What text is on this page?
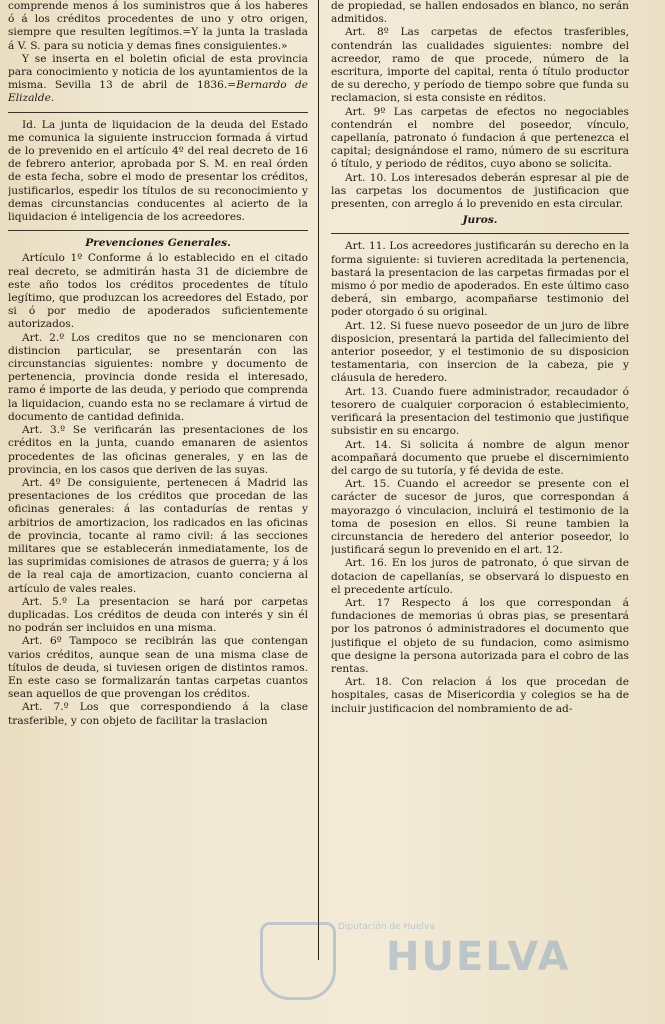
comprende menos á los suministros que á los haberes ó á los créditos procedentes de uno y otro origen, siempre que resulten legítimos.=Y la junta la traslada á V. S. para su noticia y demas fines consiguientes.»

Y se inserta en el boletin oficial de esta provincia para conocimiento y noticia de los ayuntamientos de la misma. Sevilla 13 de abril de 1836.=Bernardo de Elizalde.

Id. La junta de liquidacion de la deuda del Estado me comunica la siguiente instruccion formada á virtud de lo prevenido en el artículo 4º del real decreto de 16 de febrero anterior, aprobada por S. M. en real órden de esta fecha, sobre el modo de presentar los créditos, justificarlos, espedir los títulos de su reconocimiento y demas circunstancias conducentes al acierto de la liquidacion é inteligencia de los acreedores.

Prevenciones Generales.

Artículo 1º Conforme á lo establecido en el citado real decreto, se admitirán hasta 31 de diciembre de este año todos los créditos procedentes de título legítimo, que produzcan los acreedores del Estado, por si ó por medio de apoderados suficientemente autorizados.

Art. 2.º Los creditos que no se mencionaren con distincion particular, se presentarán con las circunstancias siguientes: nombre y documento de pertenencia, provincia donde resida el interesado, ramo é importe de las deuda, y periodo que comprenda la liquidacion, cuando esta no se reclamare á virtud de documento de cantidad definida.

Art. 3.º Se verificarán las presentaciones de los créditos en la junta, cuando emanaren de asientos procedentes de las oficinas generales, y en las de provincia, en los casos que deriven de las suyas.

Art. 4º De consiguiente, pertenecen á Madrid las presentaciones de los créditos que procedan de las oficinas generales: á las contadurías de rentas y arbitrios de amortizacion, los radicados en las oficinas de provincia, tocante al ramo civil: á las secciones militares que se establecerán inmediatamente, los de las suprimidas comisiones de atrasos de guerra; y á los de la real caja de amortizacion, cuanto concierna al artículo de vales reales.

Art. 5.º La presentacion se hará por carpetas duplicadas. Los créditos de deuda con interés y sin él no podrán ser incluidos en una misma.

Art. 6º Tampoco se recibirán las que contengan varios créditos, aunque sean de una misma clase de títulos de deuda, si tuviesen origen de distintos ramos. En este caso se formalizarán tantas carpetas cuantos sean aquellos de que provengan los créditos.

Art. 7.º Los que correspondiendo á la clase trasferible, y con objeto de facilitar la traslacion

de propiedad, se hallen endosados en blanco, no serán admitidos.

Art. 8º Las carpetas de efectos trasferibles, contendrán las cualidades siguientes: nombre del acreedor, ramo de que procede, número de la escritura, importe del capital, renta ó título productor de su derecho, y período de tiempo sobre que funda su reclamacion, si esta consiste en réditos.

Art. 9º Las carpetas de efectos no negociables contendrán el nombre del poseedor, vínculo, capellanía, patronato ó fundacion á que pertenezca el capital; designándose el ramo, número de su escritura ó título, y periodo de réditos, cuyo abono se solicita.

Art. 10. Los interesados deberán espresar al pie de las carpetas los documentos de justificacion que presenten, con arreglo á lo prevenido en esta circular.

Juros.

Art. 11. Los acreedores justificarán su derecho en la forma siguiente: si tuvieren acreditada la pertenencia, bastará la presentacion de las carpetas firmadas por el mismo ó por medio de apoderados. En este último caso deberá, sin embargo, acompañarse testimonio del poder otorgado ó su original.

Art. 12. Si fuese nuevo poseedor de un juro de libre disposicion, presentará la partida del fallecimiento del anterior poseedor, y el testimonio de su disposicion testamentaria, con insercion de la cabeza, pie y cláusula de heredero.

Art. 13. Cuando fuere administrador, recaudador ó tesorero de cualquier corporacion ó establecimiento, verificará la presentacion del testimonio que justifique subsistir en su encargo.

Art. 14. Si solicita á nombre de algun menor acompañará documento que pruebe el discernimiento del cargo de su tutoría, y fé devida de este.

Art. 15. Cuando el acreedor se presente con el carácter de sucesor de juros, que correspondan á mayorazgo ó vinculacion, incluirá el testimonio de la toma de posesion en ellos. Si reune tambien la circunstancia de heredero del anterior poseedor, lo justificará segun lo prevenido en el art. 12.

Art. 16. En los juros de patronato, ó que sirvan de dotacion de capellanías, se observará lo dispuesto en el precedente artículo.

Art. 17 Respecto á los que correspondan á fundaciones de memorias ú obras pias, se presentará por los patronos ó administradores el documento que justifique el objeto de su fundacion, como asimismo que designe la persona autorizada para el cobro de las rentas.

Art. 18. Con relacion á los que procedan de hospitales, casas de Misericordia y colegios se ha de incluir justificacion del nombramiento de ad-

Diputación de Huelva
HUELVA
